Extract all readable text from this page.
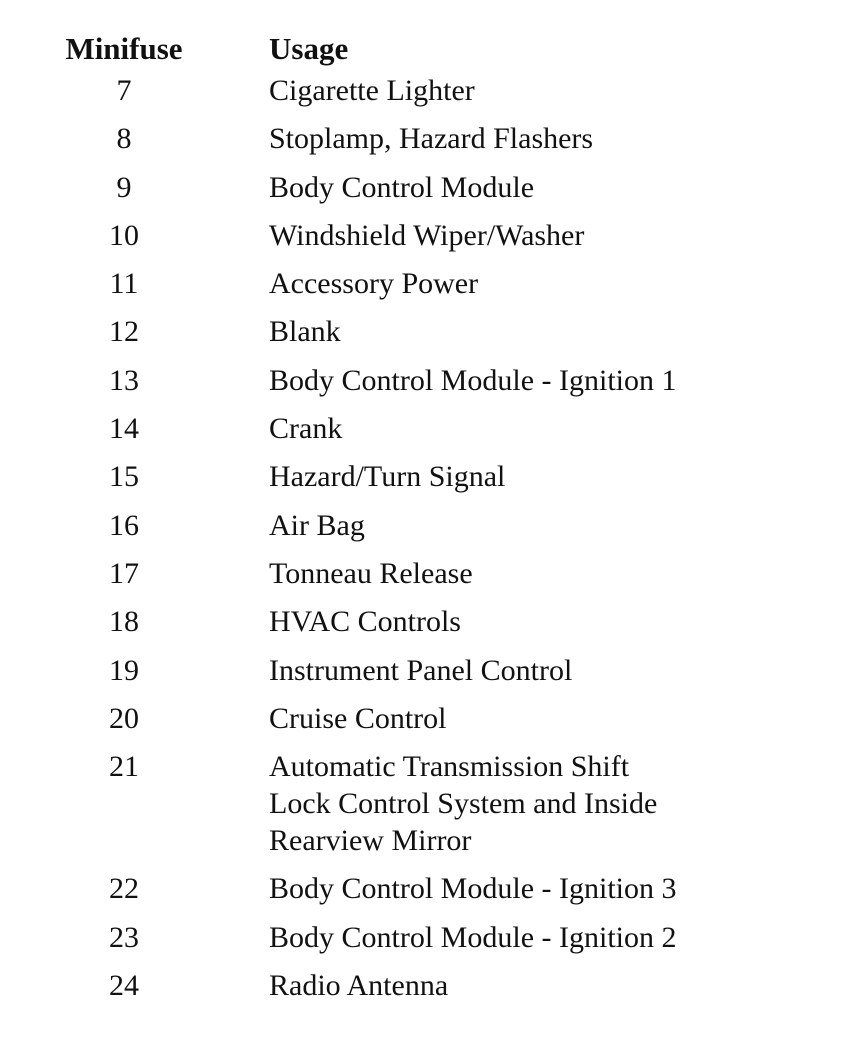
Minifuse	Usage
7	Cigarette Lighter
8	Stoplamp, Hazard Flashers
9	Body Control Module
10	Windshield Wiper/Washer
11	Accessory Power
12	Blank
13	Body Control Module - Ignition 1
14	Crank
15	Hazard/Turn Signal
16	Air Bag
17	Tonneau Release
18	HVAC Controls
19	Instrument Panel Control
20	Cruise Control
21	Automatic Transmission Shift
Lock Control System and Inside
Rearview Mirror
22	Body Control Module - Ignition 3
23	Body Control Module - Ignition 2
24	Radio Antenna
